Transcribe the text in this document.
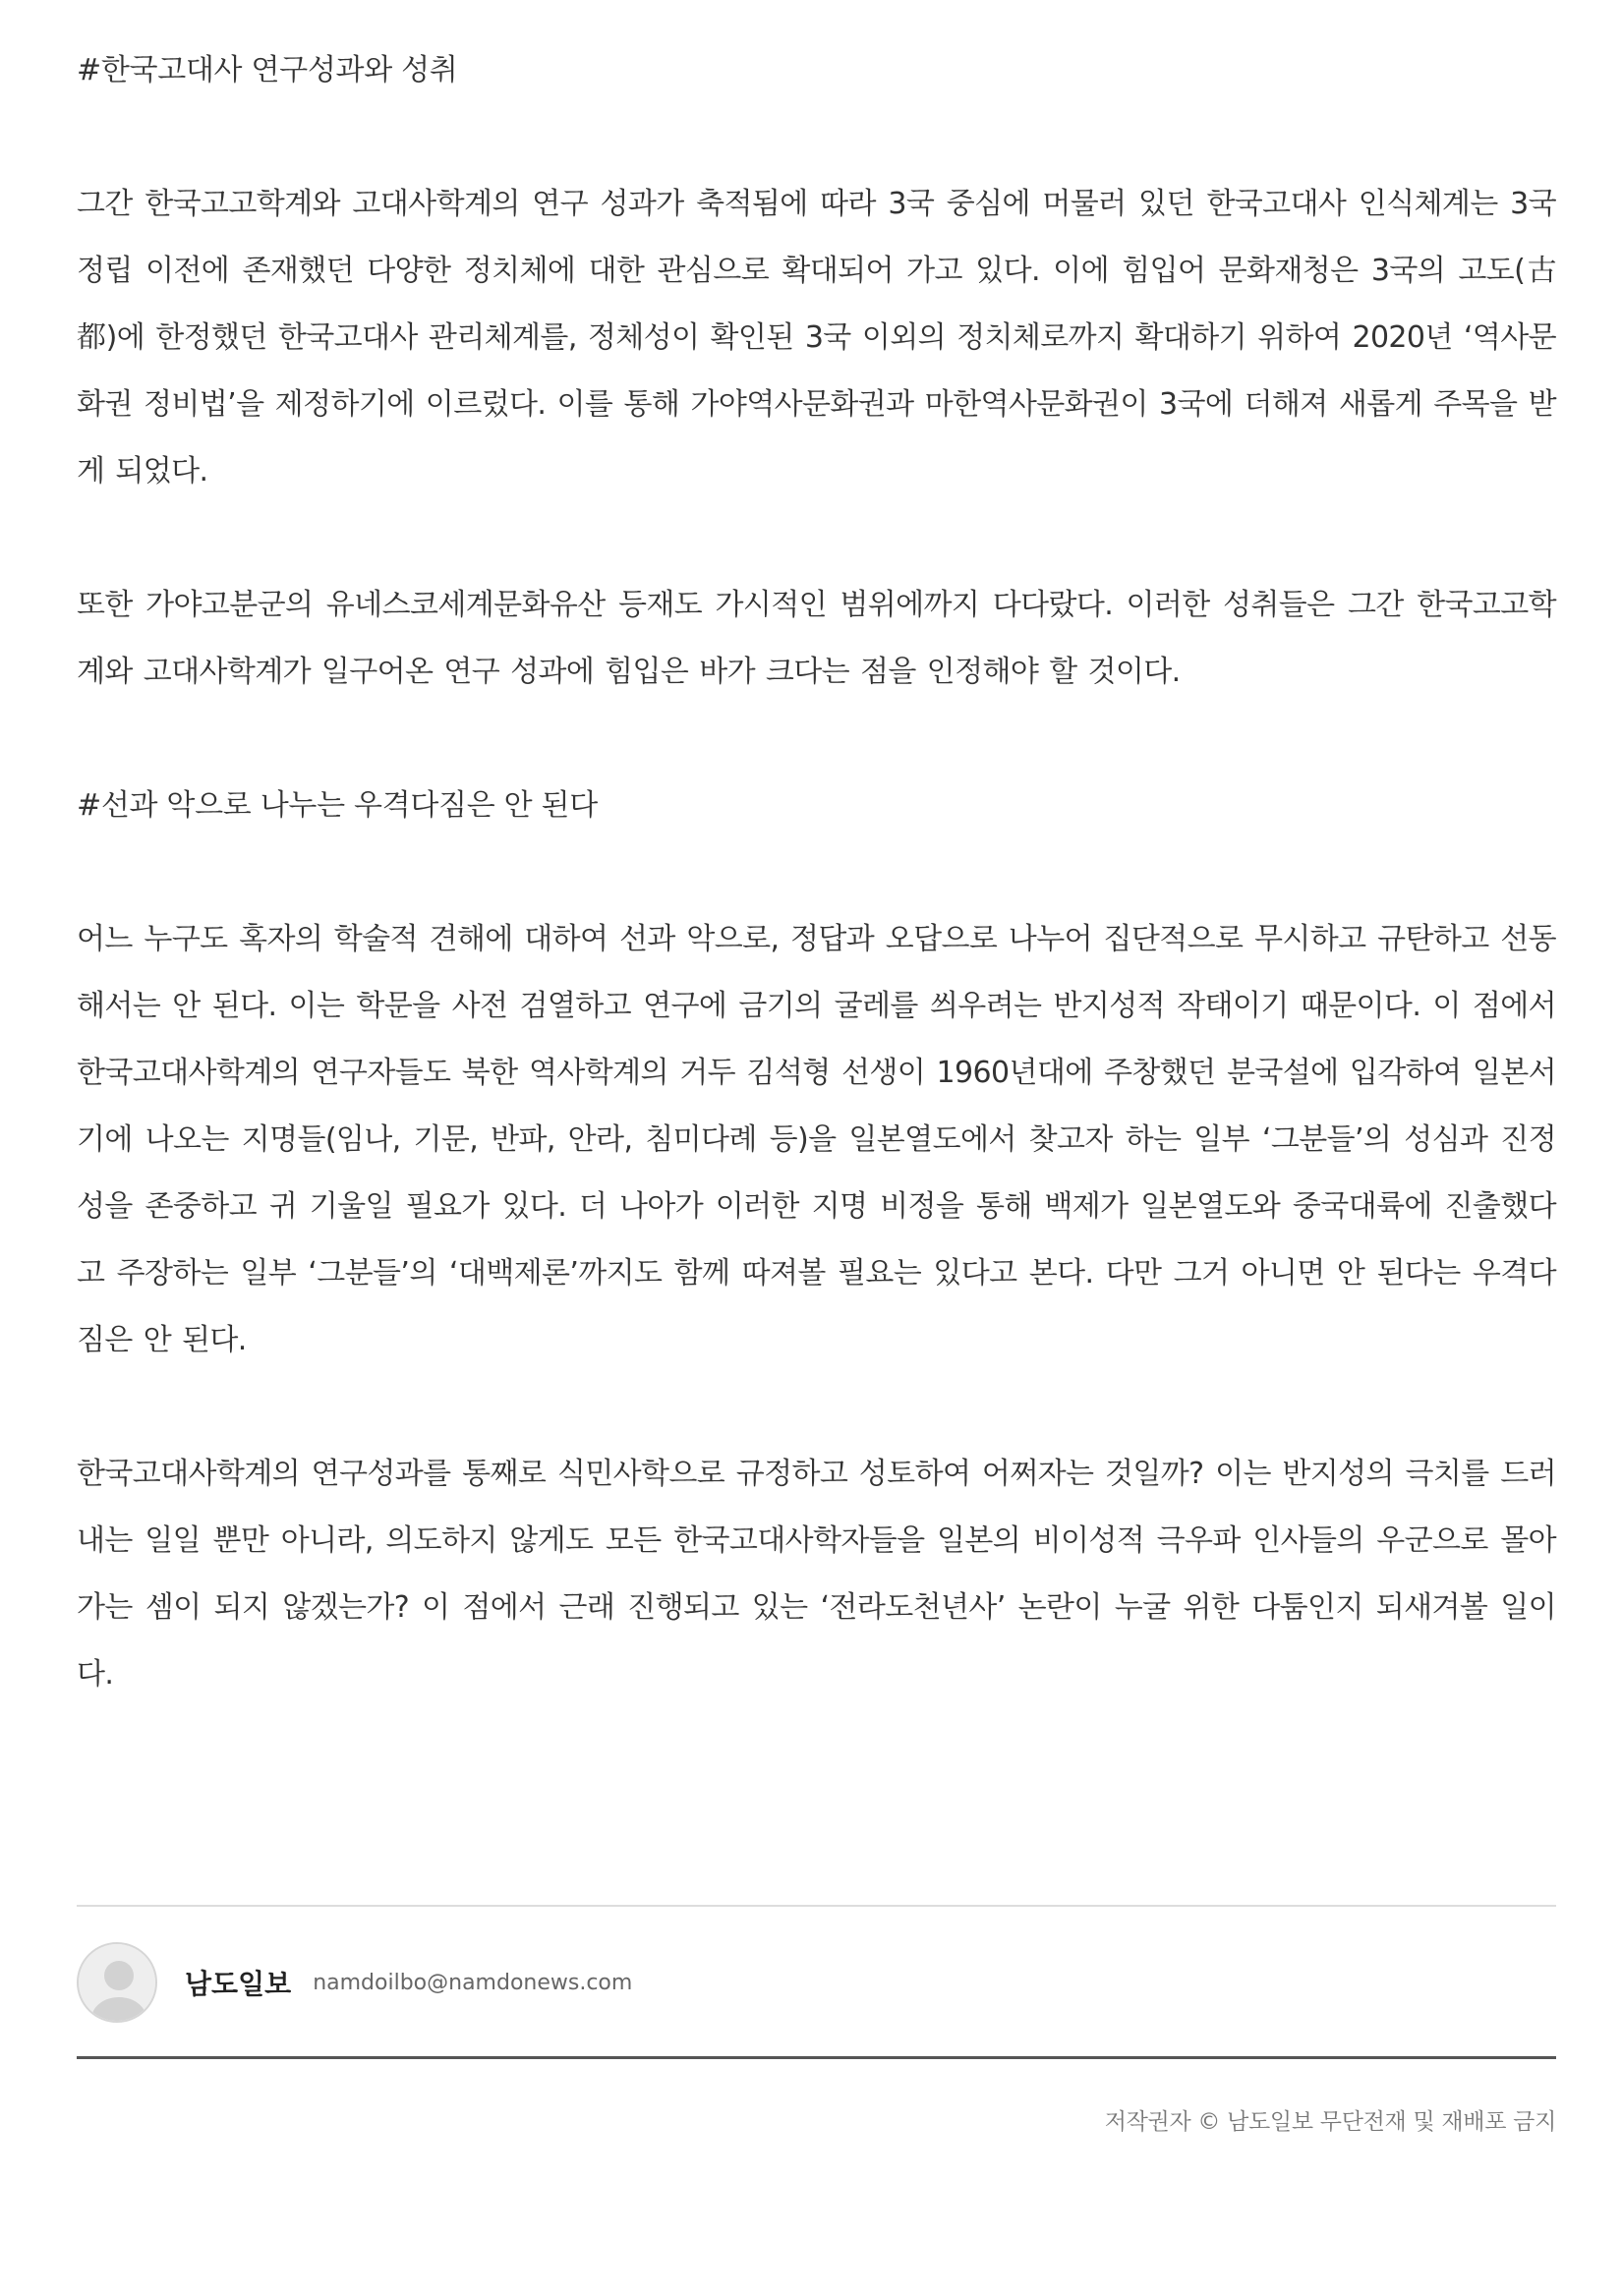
#한국고대사 연구성과와 성취

그간 한국고고학계와 고대사학계의 연구 성과가 축적됨에 따라 3국 중심에 머물러 있던 한국고대사 인식체계는 3국 정립 이전에 존재했던 다양한 정치체에 대한 관심으로 확대되어 가고 있다. 이에 힘입어 문화재청은 3국의 고도(古都)에 한정했던 한국고대사 관리체계를, 정체성이 확인된 3국 이외의 정치체로까지 확대하기 위하여 2020년 ‘역사문화권 정비법’을 제정하기에 이르렀다. 이를 통해 가야역사문화권과 마한역사문화권이 3국에 더해져 새롭게 주목을 받게 되었다.

또한 가야고분군의 유네스코세계문화유산 등재도 가시적인 범위에까지 다다랐다. 이러한 성취들은 그간 한국고고학계와 고대사학계가 일구어온 연구 성과에 힘입은 바가 크다는 점을 인정해야 할 것이다.

#선과 악으로 나누는 우격다짐은 안 된다

어느 누구도 혹자의 학술적 견해에 대하여 선과 악으로, 정답과 오답으로 나누어 집단적으로 무시하고 규탄하고 선동해서는 안 된다. 이는 학문을 사전 검열하고 연구에 금기의 굴레를 씌우려는 반지성적 작태이기 때문이다. 이 점에서 한국고대사학계의 연구자들도 북한 역사학계의 거두 김석형 선생이 1960년대에 주창했던 분국설에 입각하여 일본서기에 나오는 지명들(임나, 기문, 반파, 안라, 침미다례 등)을 일본열도에서 찾고자 하는 일부 ‘그분들’의 성심과 진정성을 존중하고 귀 기울일 필요가 있다. 더 나아가 이러한 지명 비정을 통해 백제가 일본열도와 중국대륙에 진출했다고 주장하는 일부 ‘그분들’의 ‘대백제론’까지도 함께 따져볼 필요는 있다고 본다. 다만 그거 아니면 안 된다는 우격다짐은 안 된다.

한국고대사학계의 연구성과를 통째로 식민사학으로 규정하고 성토하여 어쩌자는 것일까? 이는 반지성의 극치를 드러내는 일일 뿐만 아니라, 의도하지 않게도 모든 한국고대사학자들을 일본의 비이성적 극우파 인사들의 우군으로 몰아가는 셈이 되지 않겠는가? 이 점에서 근래 진행되고 있는 ‘전라도천년사’ 논란이 누굴 위한 다툼인지 되새겨볼 일이다.

남도일보 namdoilbo@namdonews.com
저작권자 © 남도일보 무단전재 및 재배포 금지
